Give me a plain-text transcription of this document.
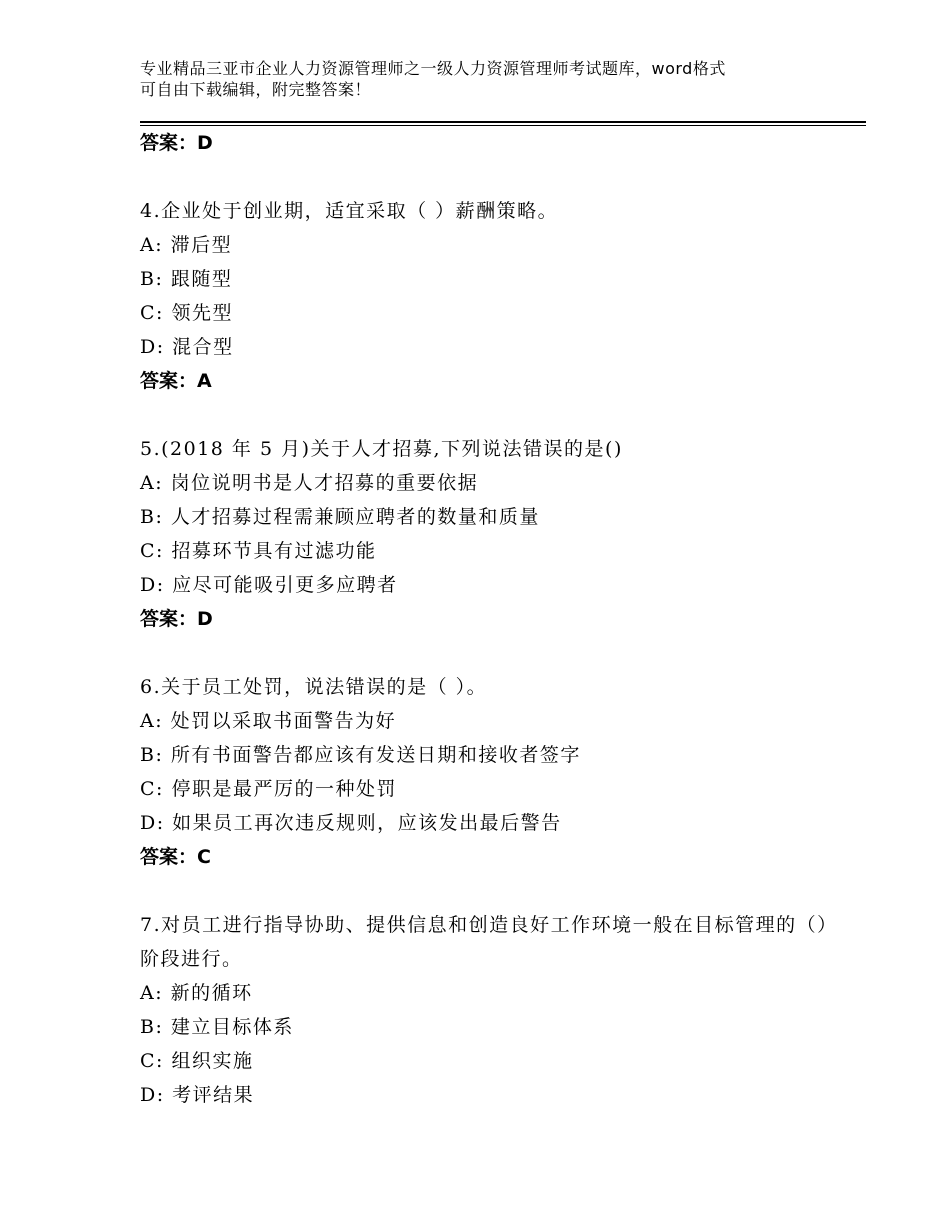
专业精品三亚市企业人力资源管理师之一级人力资源管理师考试题库，word格式
可自由下载编辑，附完整答案！
答案：D
4.企业处于创业期，适宜采取（ ）薪酬策略。
A: 滞后型
B: 跟随型
C: 领先型
D: 混合型
答案：A
5.(2018 年 5 月)关于人才招募,下列说法错误的是()
A: 岗位说明书是人才招募的重要依据
B: 人才招募过程需兼顾应聘者的数量和质量
C: 招募环节具有过滤功能
D: 应尽可能吸引更多应聘者
答案：D
6.关于员工处罚，说法错误的是（ ）。
A: 处罚以采取书面警告为好
B: 所有书面警告都应该有发送日期和接收者签字
C: 停职是最严厉的一种处罚
D: 如果员工再次违反规则，应该发出最后警告
答案：C
7.对员工进行指导协助、提供信息和创造良好工作环境一般在目标管理的（）阶段进行。
A: 新的循环
B: 建立目标体系
C: 组织实施
D: 考评结果
